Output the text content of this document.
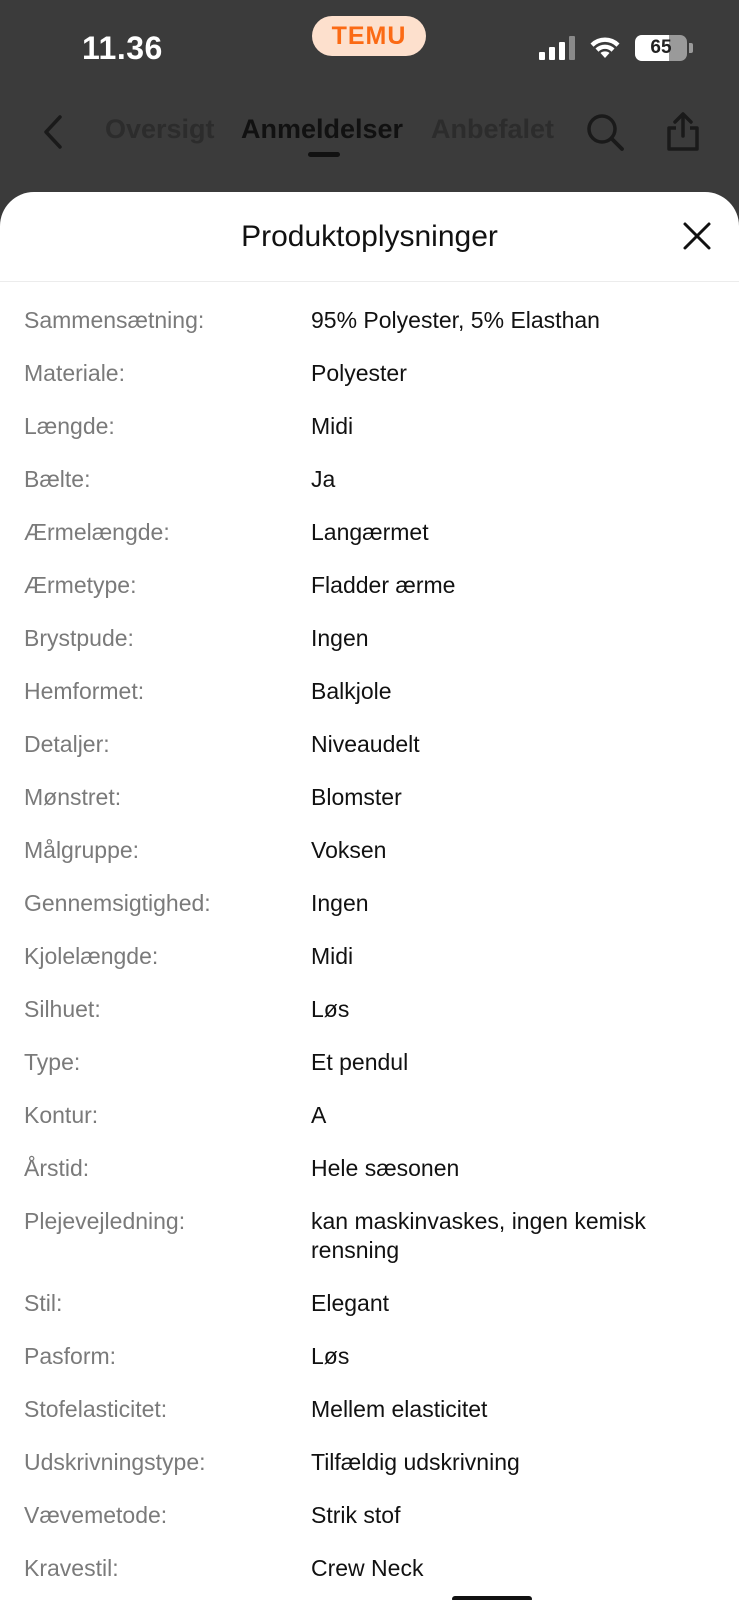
11.36	TEMU	65
Oversigt Anmeldelser Anbefalet
Produktoplysninger
Sammensætning:	95% Polyester, 5% Elasthan
Materiale:	Polyester
Længde:	Midi
Bælte:	Ja
Ærmelængde:	Langærmet
Ærmetype:	Fladder ærme
Brystpude:	Ingen
Hemformet:	Balkjole
Detaljer:	Niveaudelt
Mønstret:	Blomster
Målgruppe:	Voksen
Gennemsigtighed:	Ingen
Kjolelængde:	Midi
Silhuet:	Løs
Type:	Et pendul
Kontur:	A
Årstid:	Hele sæsonen
Plejevejledning:	kan maskinvaskes, ingen kemisk rensning
Stil:	Elegant
Pasform:	Løs
Stofelasticitet:	Mellem elasticitet
Udskrivningstype:	Tilfældig udskrivning
Vævemetode:	Strik stof
Kravestil:	Crew Neck
